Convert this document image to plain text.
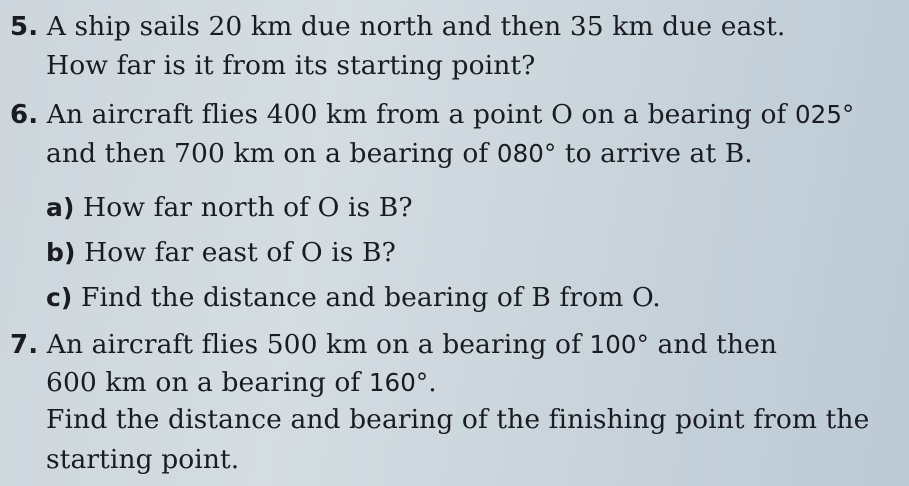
5. A ship sails 20 km due north and then 35 km due east.
How far is it from its starting point?
6. An aircraft flies 400 km from a point O on a bearing of 025°
and then 700 km on a bearing of 080° to arrive at B.
a) How far north of O is B?
b) How far east of O is B?
c) Find the distance and bearing of B from O.
7. An aircraft flies 500 km on a bearing of 100° and then
600 km on a bearing of 160°.
Find the distance and bearing of the finishing point from the
starting point.
